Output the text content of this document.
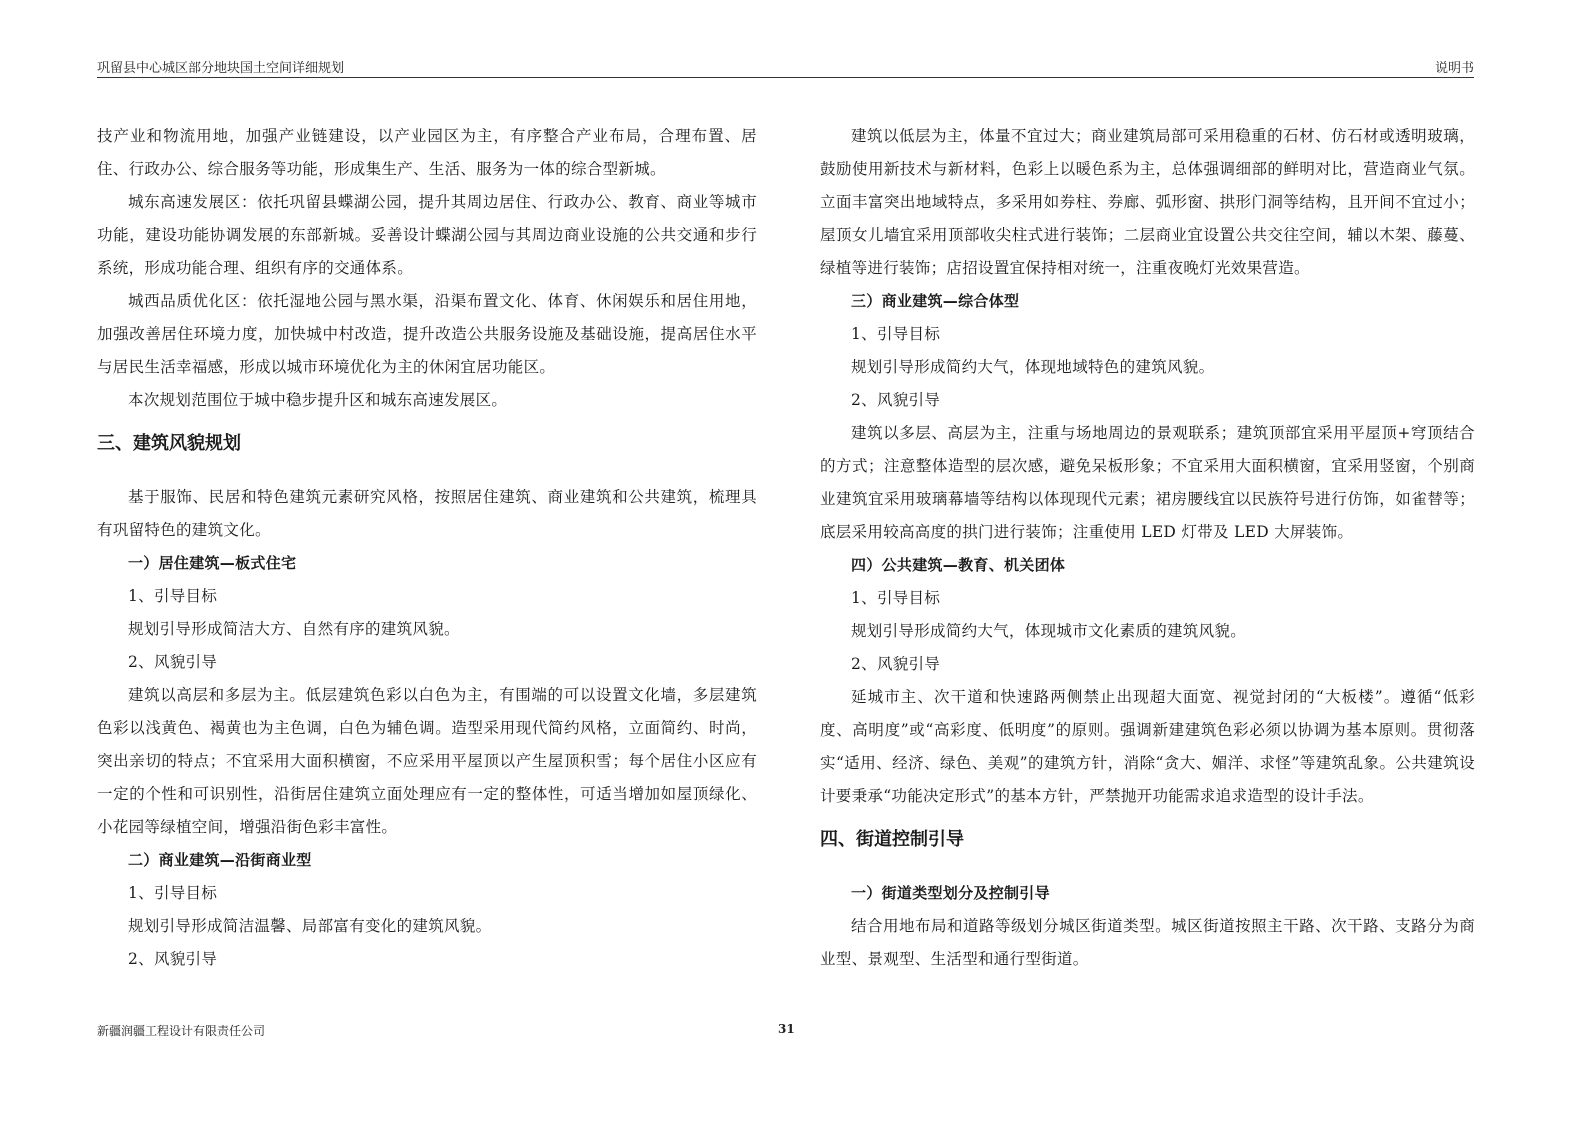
巩留县中心城区部分地块国土空间详细规划	说明书

技产业和物流用地，加强产业链建设，以产业园区为主，有序整合产业布局，合理布置、居住、行政办公、综合服务等功能，形成集生产、生活、服务为一体的综合型新城。

城东高速发展区：依托巩留县蝶湖公园，提升其周边居住、行政办公、教育、商业等城市功能，建设功能协调发展的东部新城。妥善设计蝶湖公园与其周边商业设施的公共交通和步行系统，形成功能合理、组织有序的交通体系。

城西品质优化区：依托湿地公园与黑水渠，沿渠布置文化、体育、休闲娱乐和居住用地，加强改善居住环境力度，加快城中村改造，提升改造公共服务设施及基础设施，提高居住水平与居民生活幸福感，形成以城市环境优化为主的休闲宜居功能区。

本次规划范围位于城中稳步提升区和城东高速发展区。

三、建筑风貌规划

基于服饰、民居和特色建筑元素研究风格，按照居住建筑、商业建筑和公共建筑，梳理具有巩留特色的建筑文化。

一）居住建筑—板式住宅

1、引导目标

规划引导形成简洁大方、自然有序的建筑风貌。

2、风貌引导

建筑以高层和多层为主。低层建筑色彩以白色为主，有围端的可以设置文化墙，多层建筑色彩以浅黄色、褐黄也为主色调，白色为辅色调。造型采用现代简约风格，立面简约、时尚，突出亲切的特点；不宜采用大面积横窗，不应采用平屋顶以产生屋顶积雪；每个居住小区应有一定的个性和可识别性，沿街居住建筑立面处理应有一定的整体性，可适当增加如屋顶绿化、小花园等绿植空间，增强沿街色彩丰富性。

二）商业建筑—沿街商业型

1、引导目标

规划引导形成简洁温馨、局部富有变化的建筑风貌。

2、风貌引导

建筑以低层为主，体量不宜过大；商业建筑局部可采用稳重的石材、仿石材或透明玻璃，鼓励使用新技术与新材料，色彩上以暖色系为主，总体强调细部的鲜明对比，营造商业气氛。立面丰富突出地域特点，多采用如券柱、券廊、弧形窗、拱形门洞等结构，且开间不宜过小；屋顶女儿墙宜采用顶部收尖柱式进行装饰；二层商业宜设置公共交往空间，辅以木架、藤蔓、绿植等进行装饰；店招设置宜保持相对统一，注重夜晚灯光效果营造。

三）商业建筑—综合体型

1、引导目标

规划引导形成简约大气，体现地域特色的建筑风貌。

2、风貌引导

建筑以多层、高层为主，注重与场地周边的景观联系；建筑顶部宜采用平屋顶+穹顶结合的方式；注意整体造型的层次感，避免呆板形象；不宜采用大面积横窗，宜采用竖窗，个别商业建筑宜采用玻璃幕墙等结构以体现现代元素；裙房腰线宜以民族符号进行仿饰，如雀替等；底层采用较高高度的拱门进行装饰；注重使用 LED 灯带及 LED 大屏装饰。

四）公共建筑—教育、机关团体

1、引导目标

规划引导形成简约大气，体现城市文化素质的建筑风貌。

2、风貌引导

延城市主、次干道和快速路两侧禁止出现超大面宽、视觉封闭的“大板楼”。遵循“低彩度、高明度”或“高彩度、低明度”的原则。强调新建建筑色彩必须以协调为基本原则。贯彻落实“适用、经济、绿色、美观”的建筑方针，消除“贪大、媚洋、求怪”等建筑乱象。公共建筑设计要秉承“功能决定形式”的基本方针，严禁抛开功能需求追求造型的设计手法。

四、街道控制引导

一）街道类型划分及控制引导

结合用地布局和道路等级划分城区街道类型。城区街道按照主干路、次干路、支路分为商业型、景观型、生活型和通行型街道。

新疆润疆工程设计有限责任公司	31
